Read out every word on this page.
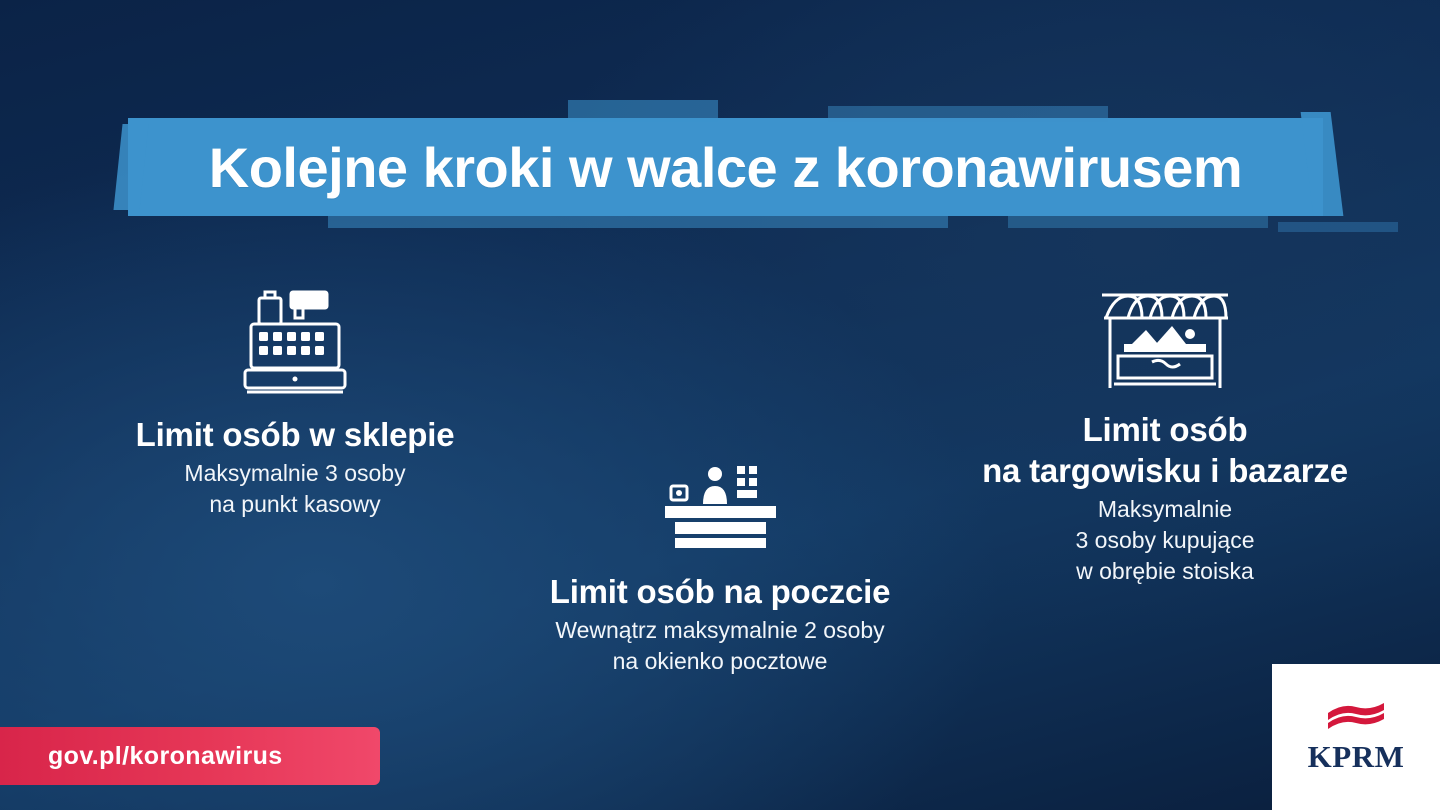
Kolejne kroki w walce z koronawirusem
Limit osób w sklepie

Maksymalnie 3 osoby

na punkt kasowy

Limit osób na poczcie

Wewnątrz maksymalnie 2 osoby

na okienko pocztowe

Limit osób
na targowisku i bazarze

Maksymalnie

3 osoby kupujące

w obrębie stoiska

gov.pl/koronawirus	KPRM
